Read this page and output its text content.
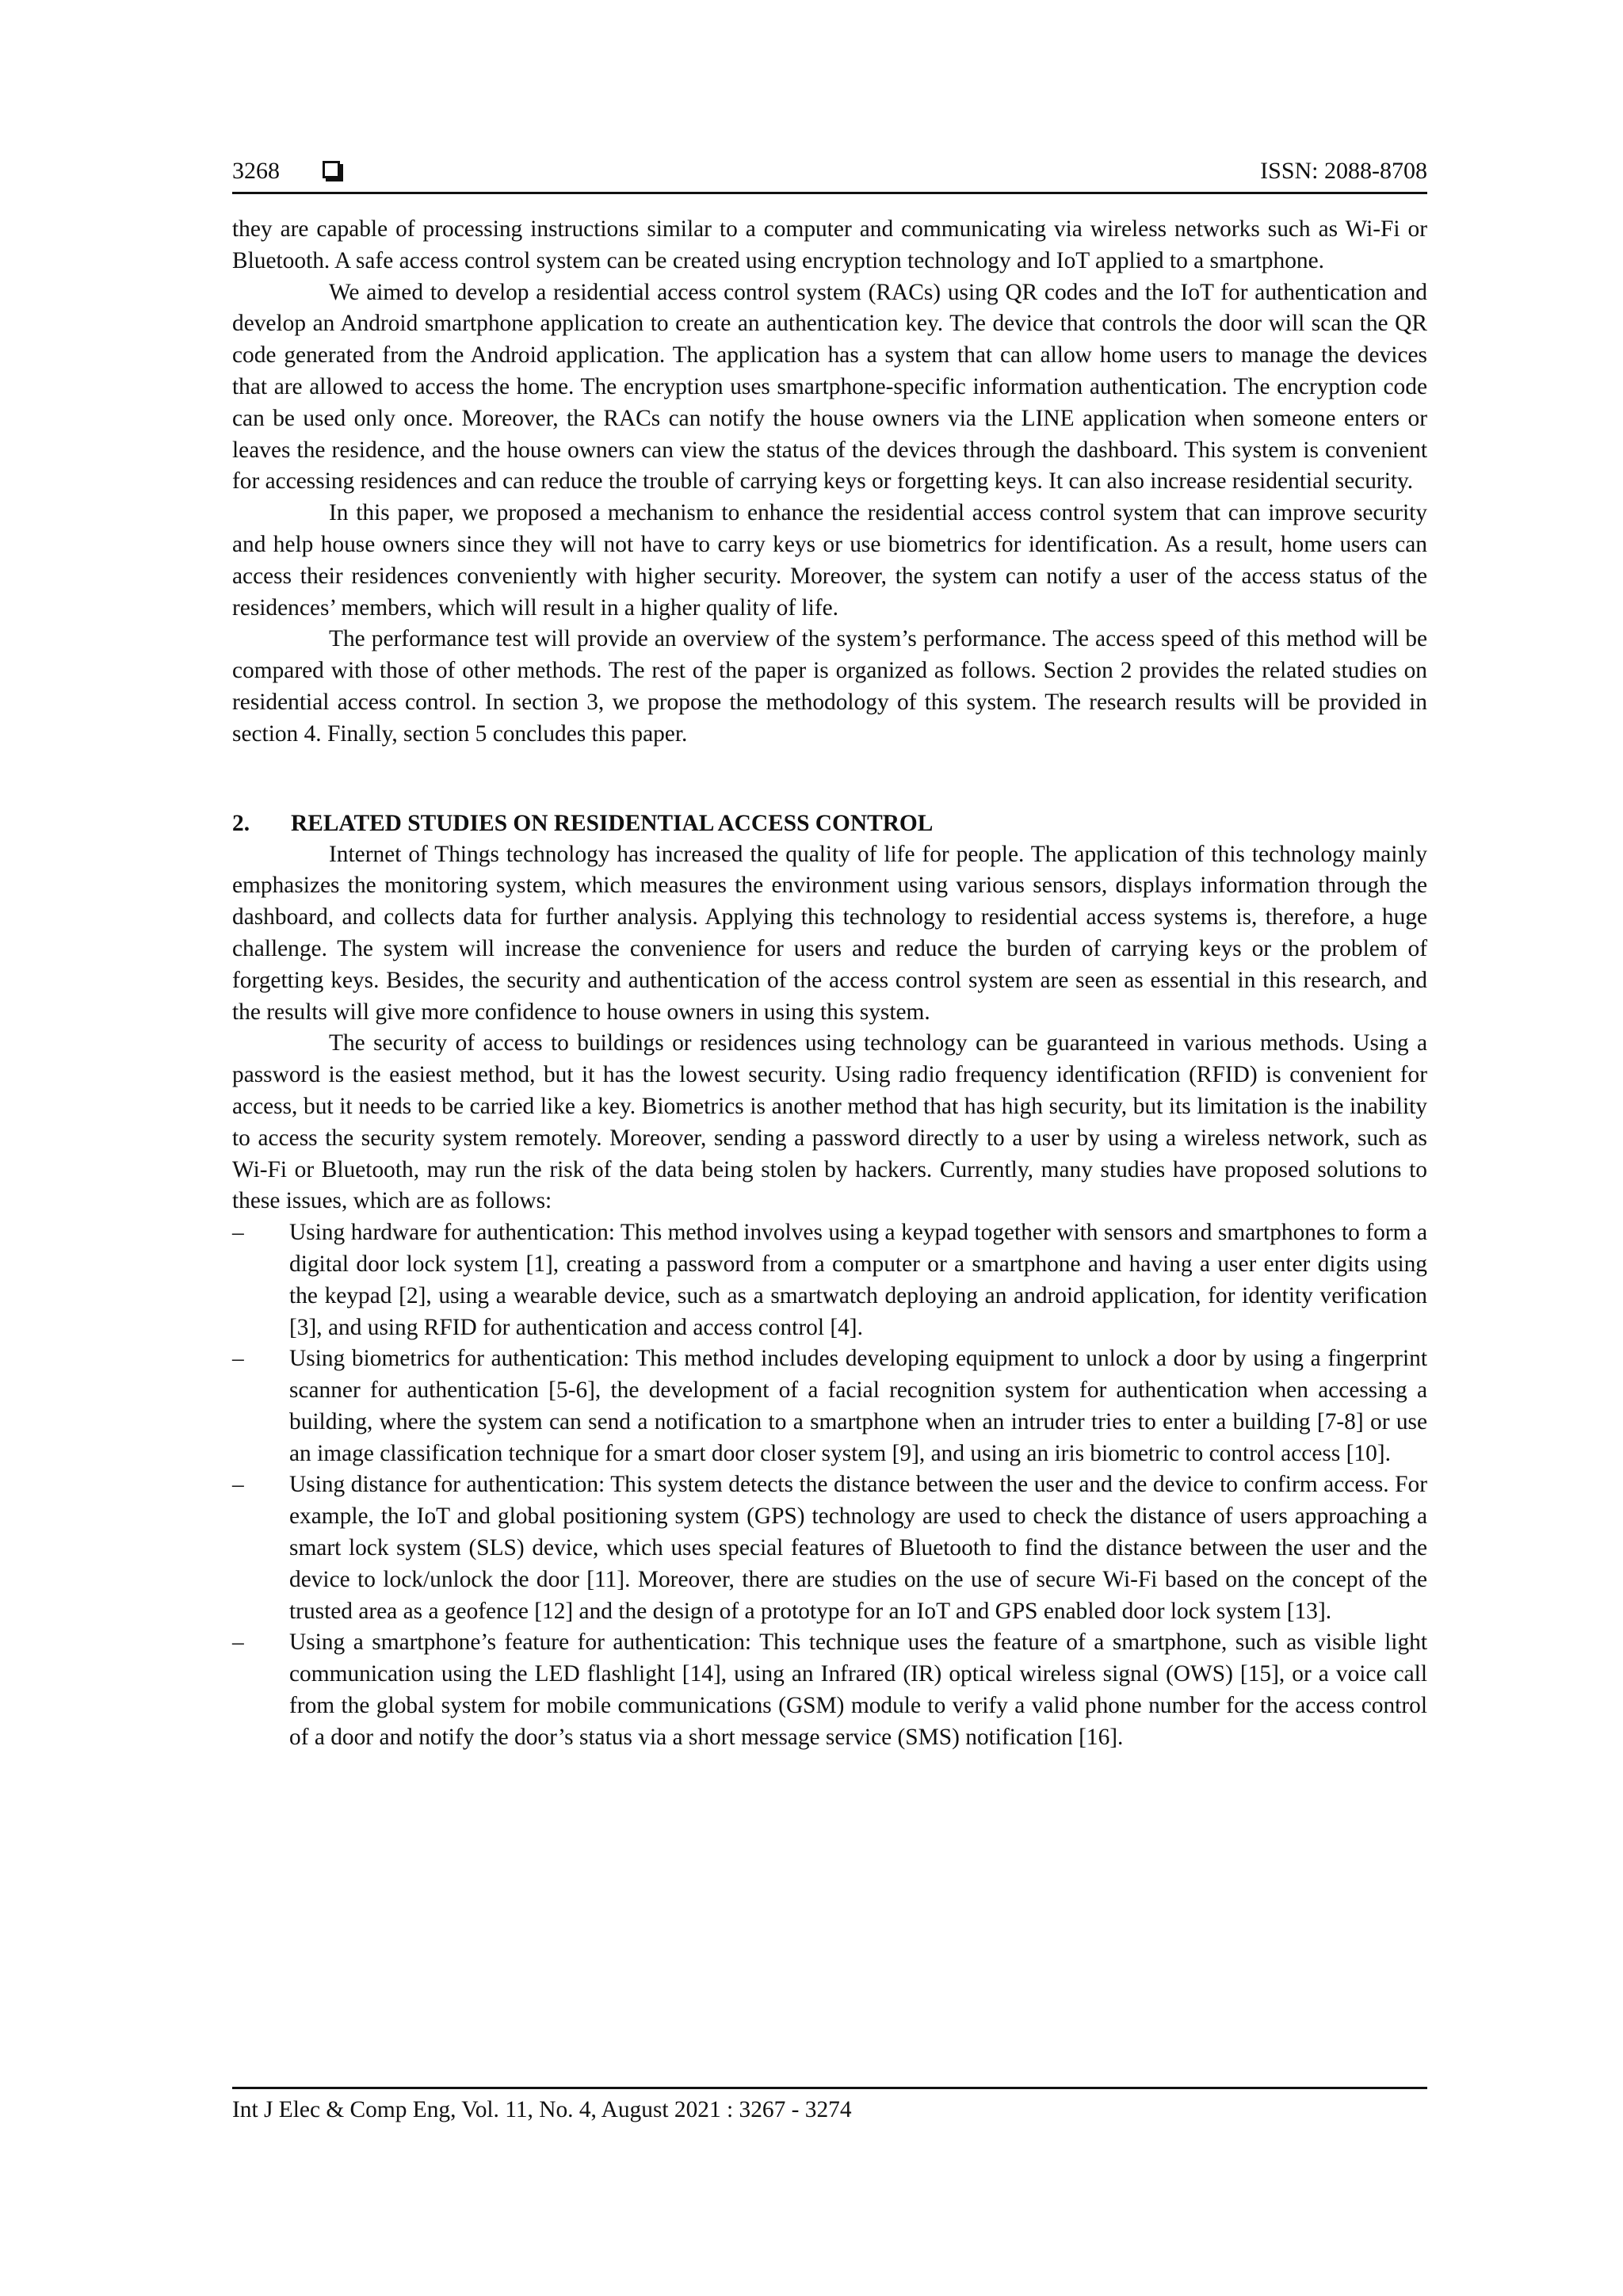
3268	ISSN: 2088-8708

they are capable of processing instructions similar to a computer and communicating via wireless networks such as Wi-Fi or Bluetooth. A safe access control system can be created using encryption technology and IoT applied to a smartphone.

We aimed to develop a residential access control system (RACs) using QR codes and the IoT for authentication and develop an Android smartphone application to create an authentication key. The device that controls the door will scan the QR code generated from the Android application. The application has a system that can allow home users to manage the devices that are allowed to access the home. The encryption uses smartphone-specific information authentication. The encryption code can be used only once. Moreover, the RACs can notify the house owners via the LINE application when someone enters or leaves the residence, and the house owners can view the status of the devices through the dashboard. This system is convenient for accessing residences and can reduce the trouble of carrying keys or forgetting keys. It can also increase residential security.

In this paper, we proposed a mechanism to enhance the residential access control system that can improve security and help house owners since they will not have to carry keys or use biometrics for identification. As a result, home users can access their residences conveniently with higher security. Moreover, the system can notify a user of the access status of the residences’ members, which will result in a higher quality of life.

The performance test will provide an overview of the system’s performance. The access speed of this method will be compared with those of other methods. The rest of the paper is organized as follows. Section 2 provides the related studies on residential access control. In section 3, we propose the methodology of this system. The research results will be provided in section 4. Finally, section 5 concludes this paper.

2. RELATED STUDIES ON RESIDENTIAL ACCESS CONTROL

Internet of Things technology has increased the quality of life for people. The application of this technology mainly emphasizes the monitoring system, which measures the environment using various sensors, displays information through the dashboard, and collects data for further analysis. Applying this technology to residential access systems is, therefore, a huge challenge. The system will increase the convenience for users and reduce the burden of carrying keys or the problem of forgetting keys. Besides, the security and authentication of the access control system are seen as essential in this research, and the results will give more confidence to house owners in using this system.

The security of access to buildings or residences using technology can be guaranteed in various methods. Using a password is the easiest method, but it has the lowest security. Using radio frequency identification (RFID) is convenient for access, but it needs to be carried like a key. Biometrics is another method that has high security, but its limitation is the inability to access the security system remotely. Moreover, sending a password directly to a user by using a wireless network, such as Wi-Fi or Bluetooth, may run the risk of the data being stolen by hackers. Currently, many studies have proposed solutions to these issues, which are as follows:

– Using hardware for authentication: This method involves using a keypad together with sensors and smartphones to form a digital door lock system [1], creating a password from a computer or a smartphone and having a user enter digits using the keypad [2], using a wearable device, such as a smartwatch deploying an android application, for identity verification [3], and using RFID for authentication and access control [4].
– Using biometrics for authentication: This method includes developing equipment to unlock a door by using a fingerprint scanner for authentication [5-6], the development of a facial recognition system for authentication when accessing a building, where the system can send a notification to a smartphone when an intruder tries to enter a building [7-8] or use an image classification technique for a smart door closer system [9], and using an iris biometric to control access [10].
– Using distance for authentication: This system detects the distance between the user and the device to confirm access. For example, the IoT and global positioning system (GPS) technology are used to check the distance of users approaching a smart lock system (SLS) device, which uses special features of Bluetooth to find the distance between the user and the device to lock/unlock the door [11]. Moreover, there are studies on the use of secure Wi-Fi based on the concept of the trusted area as a geofence [12] and the design of a prototype for an IoT and GPS enabled door lock system [13].
– Using a smartphone’s feature for authentication: This technique uses the feature of a smartphone, such as visible light communication using the LED flashlight [14], using an Infrared (IR) optical wireless signal (OWS) [15], or a voice call from the global system for mobile communications (GSM) module to verify a valid phone number for the access control of a door and notify the door’s status via a short message service (SMS) notification [16].
Int J Elec & Comp Eng, Vol. 11, No. 4, August 2021 : 3267 - 3274
